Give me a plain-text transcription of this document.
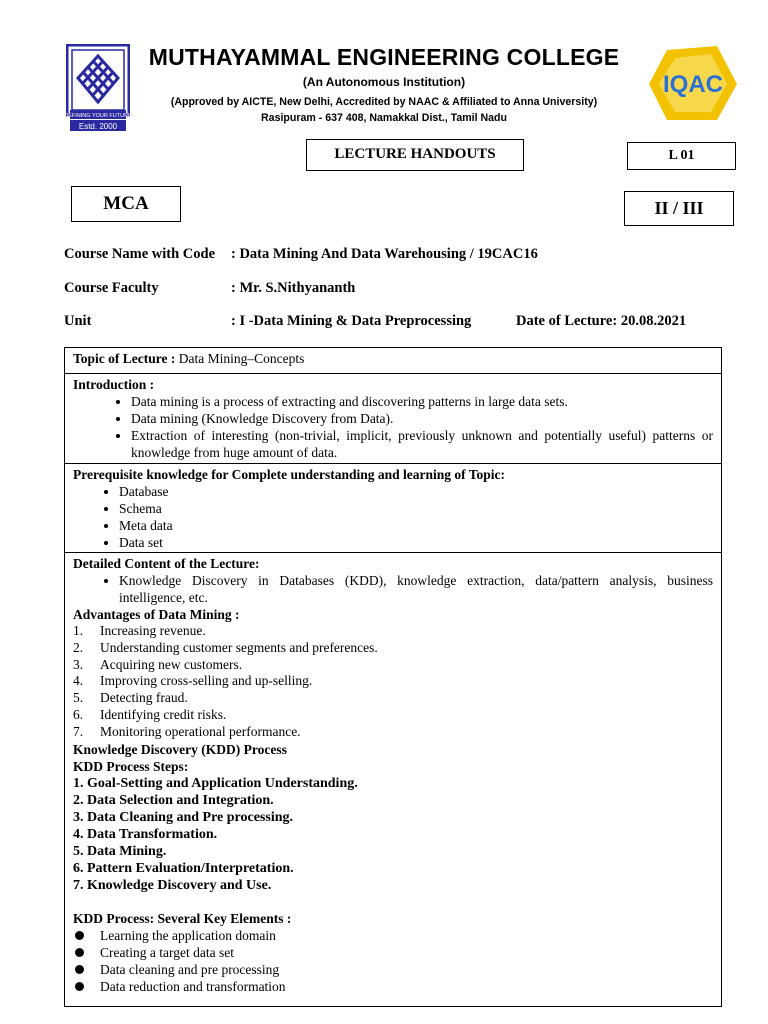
DEFINING YOUR FUTURE
Estd. 2000
IQAC
MUTHAYAMMAL ENGINEERING COLLEGE
(An Autonomous Institution)
(Approved by AICTE, New Delhi, Accredited by NAAC & Affiliated to Anna University)
Rasipuram - 637 408, Namakkal Dist., Tamil Nadu
LECTURE HANDOUTS	L 01
MCA	II / III
Course Name with Code : Data Mining And Data Warehousing / 19CAC16
Course Faculty	: Mr. S.Nithyananth
Unit	: I -Data Mining & Data Preprocessing	Date of Lecture: 20.08.2021
Topic of Lecture : Data Mining–Concepts
Introduction :
• Data mining is a process of extracting and discovering patterns in large data sets.
• Data mining (Knowledge Discovery from Data).
• Extraction of interesting (non-trivial, implicit, previously unknown and potentially useful) patterns or knowledge from huge amount of data.
Prerequisite knowledge for Complete understanding and learning of Topic:
• Database
• Schema
• Meta data
• Data set
Detailed Content of the Lecture:
• Knowledge Discovery in Databases (KDD), knowledge extraction, data/pattern analysis, business intelligence, etc.
Advantages of Data Mining :
1.	Increasing revenue.
2.	Understanding customer segments and preferences.
3.	Acquiring new customers.
4.	Improving cross-selling and up-selling.
5.	Detecting fraud.
6.	Identifying credit risks.
7.	Monitoring operational performance.
Knowledge Discovery (KDD) Process
KDD Process Steps:
1. Goal-Setting and Application Understanding.
2. Data Selection and Integration.
3. Data Cleaning and Pre processing.
4. Data Transformation.
5. Data Mining.
6. Pattern Evaluation/Interpretation.
7. Knowledge Discovery and Use.
KDD Process: Several Key Elements :
Learning the application domain
Creating a target data set
Data cleaning and pre processing
Data reduction and transformation
